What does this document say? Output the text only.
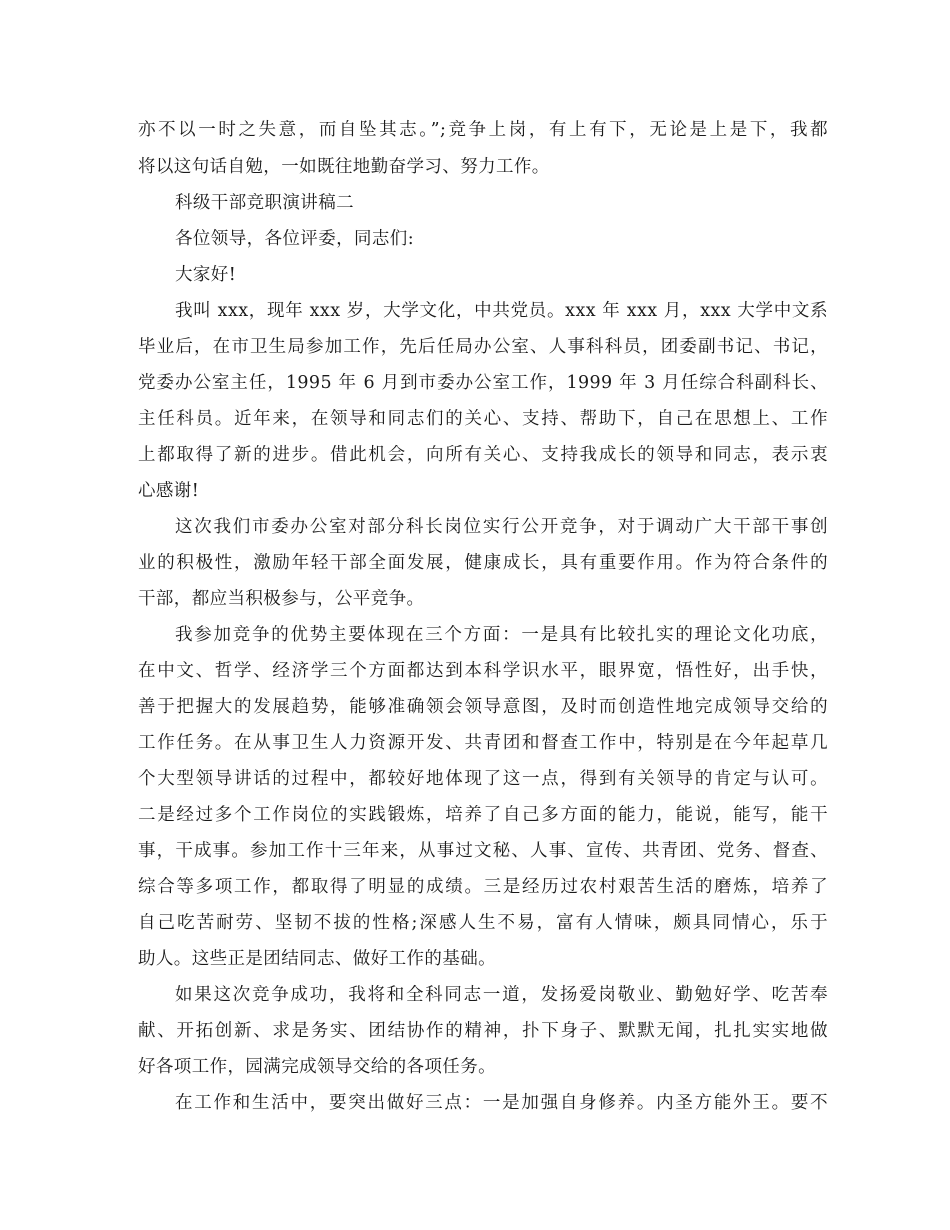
亦不以一时之失意，而自坠其志。”;竞争上岗，有上有下，无论是上是下，我都
将以这句话自勉，一如既往地勤奋学习、努力工作。
科级干部竞职演讲稿二
各位领导，各位评委，同志们:
大家好!
我叫 xxx，现年 xxx 岁，大学文化，中共党员。xxx 年 xxx 月，xxx 大学中文系
毕业后，在市卫生局参加工作，先后任局办公室、人事科科员，团委副书记、书记，
党委办公室主任，1995 年 6 月到市委办公室工作，1999 年 3 月任综合科副科长、
主任科员。近年来，在领导和同志们的关心、支持、帮助下，自己在思想上、工作
上都取得了新的进步。借此机会，向所有关心、支持我成长的领导和同志，表示衷
心感谢!
这次我们市委办公室对部分科长岗位实行公开竞争，对于调动广大干部干事创
业的积极性，激励年轻干部全面发展，健康成长，具有重要作用。作为符合条件的
干部，都应当积极参与，公平竞争。
我参加竞争的优势主要体现在三个方面：一是具有比较扎实的理论文化功底，
在中文、哲学、经济学三个方面都达到本科学识水平，眼界宽，悟性好，出手快，
善于把握大的发展趋势，能够准确领会领导意图，及时而创造性地完成领导交给的
工作任务。在从事卫生人力资源开发、共青团和督查工作中，特别是在今年起草几
个大型领导讲话的过程中，都较好地体现了这一点，得到有关领导的肯定与认可。
二是经过多个工作岗位的实践锻炼，培养了自己多方面的能力，能说，能写，能干
事，干成事。参加工作十三年来，从事过文秘、人事、宣传、共青团、党务、督查、
综合等多项工作，都取得了明显的成绩。三是经历过农村艰苦生活的磨炼，培养了
自己吃苦耐劳、坚韧不拔的性格;深感人生不易，富有人情味，颇具同情心，乐于
助人。这些正是团结同志、做好工作的基础。
如果这次竞争成功，我将和全科同志一道，发扬爱岗敬业、勤勉好学、吃苦奉
献、开拓创新、求是务实、团结协作的精神，扑下身子、默默无闻，扎扎实实地做
好各项工作，园满完成领导交给的各项任务。
在工作和生活中，要突出做好三点：一是加强自身修养。内圣方能外王。要不
